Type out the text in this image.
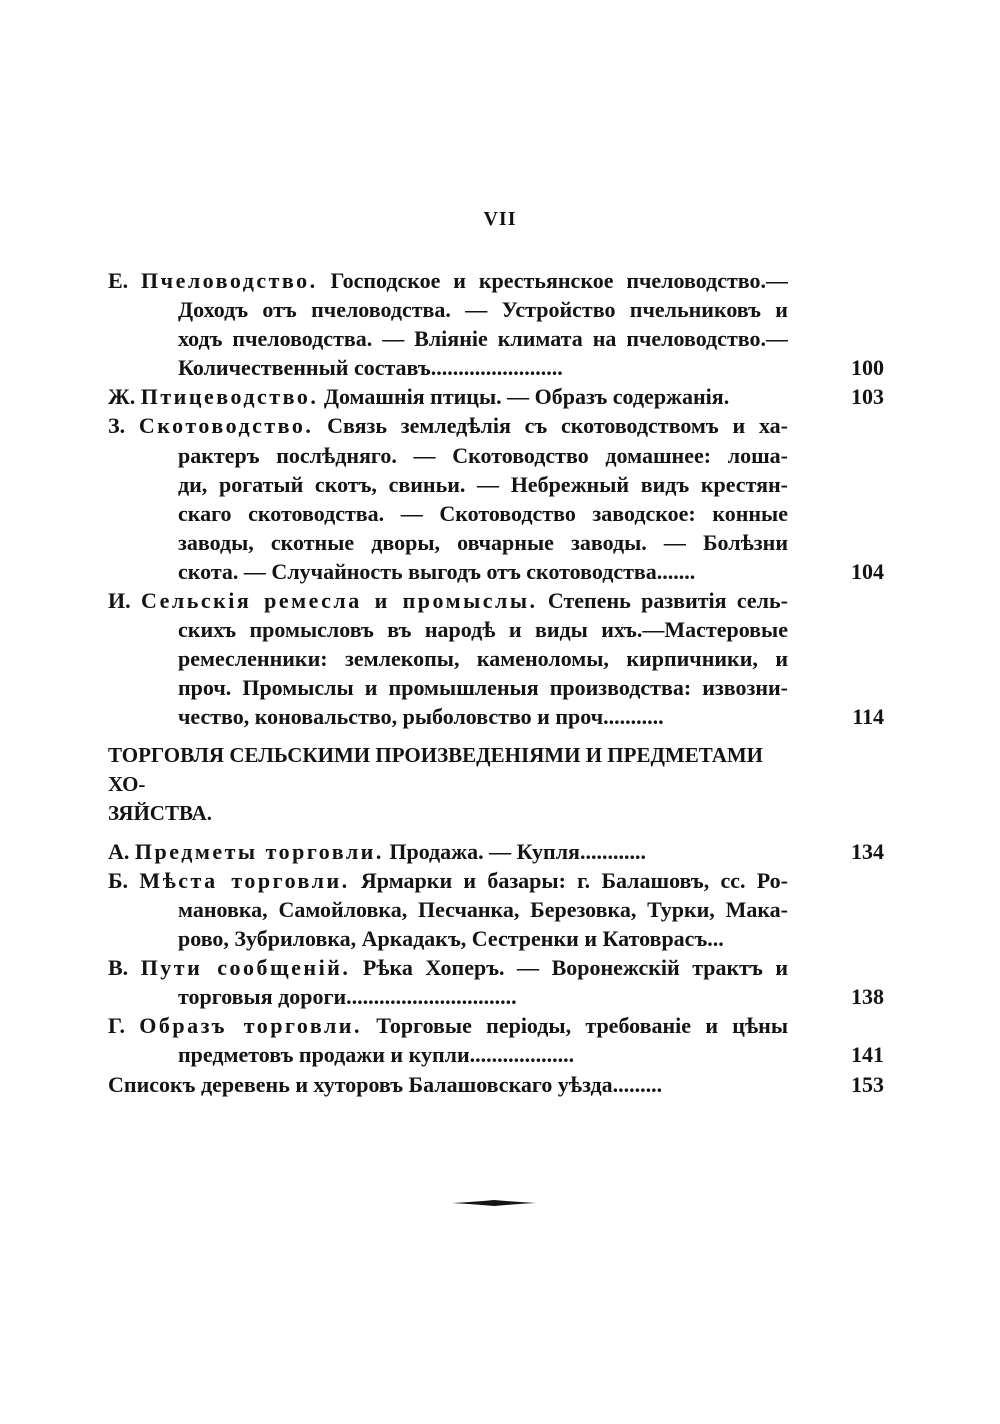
VII
Е. Пчеловодство. Господское и крестьянское пчеловодство.—
Доходъ отъ пчеловодства. — Устройство пчельниковъ и
ходъ пчеловодства. — Вліяніе климата на пчеловодство.—
Количественный составъ........................	100
Ж. Птицеводство. Домашнія птицы. — Образъ содержанія.	103
З. Скотоводство. Связь земледѣлія съ скотоводствомъ и ха-
рактеръ послѣдняго. — Скотоводство домашнее: лоша-
ди, рогатый скотъ, свиньи. — Небрежный видъ крестян-
скаго скотоводства. — Скотоводство заводское: конные
заводы, скотные дворы, овчарные заводы. — Болѣзни
скота. — Случайность выгодъ отъ скотоводства.......	104
И. Сельскія ремесла и промыслы. Степень развитія сель-
скихъ промысловъ въ народѣ и виды ихъ.—Мастеровые
ремесленники: землекопы, каменоломы, кирпичники, и
проч. Промыслы и промышленыя производства: извозни-
чество, коновальство, рыболовство и проч...........	114
ТОРГОВЛЯ СЕЛЬСКИМИ ПРОИЗВЕДЕНІЯМИ И ПРЕДМЕТАМИ ХО-
ЗЯЙСТВА.
А. Предметы торговли. Продажа. — Купля............	134
Б. Мѣста торговли. Ярмарки и базары: г. Балашовъ, сс. Ро-
мановка, Самойловка, Песчанка, Березовка, Турки, Мака-
рово, Зубриловка, Аркадакъ, Сестренки и Катоврасъ...
В. Пути сообщеній. Рѣка Хоперъ. — Воронежскій трактъ и
торговыя дороги...............................	138
Г. Образъ торговли. Торговые періоды, требованіе и цѣны
предметовъ продажи и купли...................	141
Списокъ деревень и хуторовъ Балашовскаго уѣзда.........	153
